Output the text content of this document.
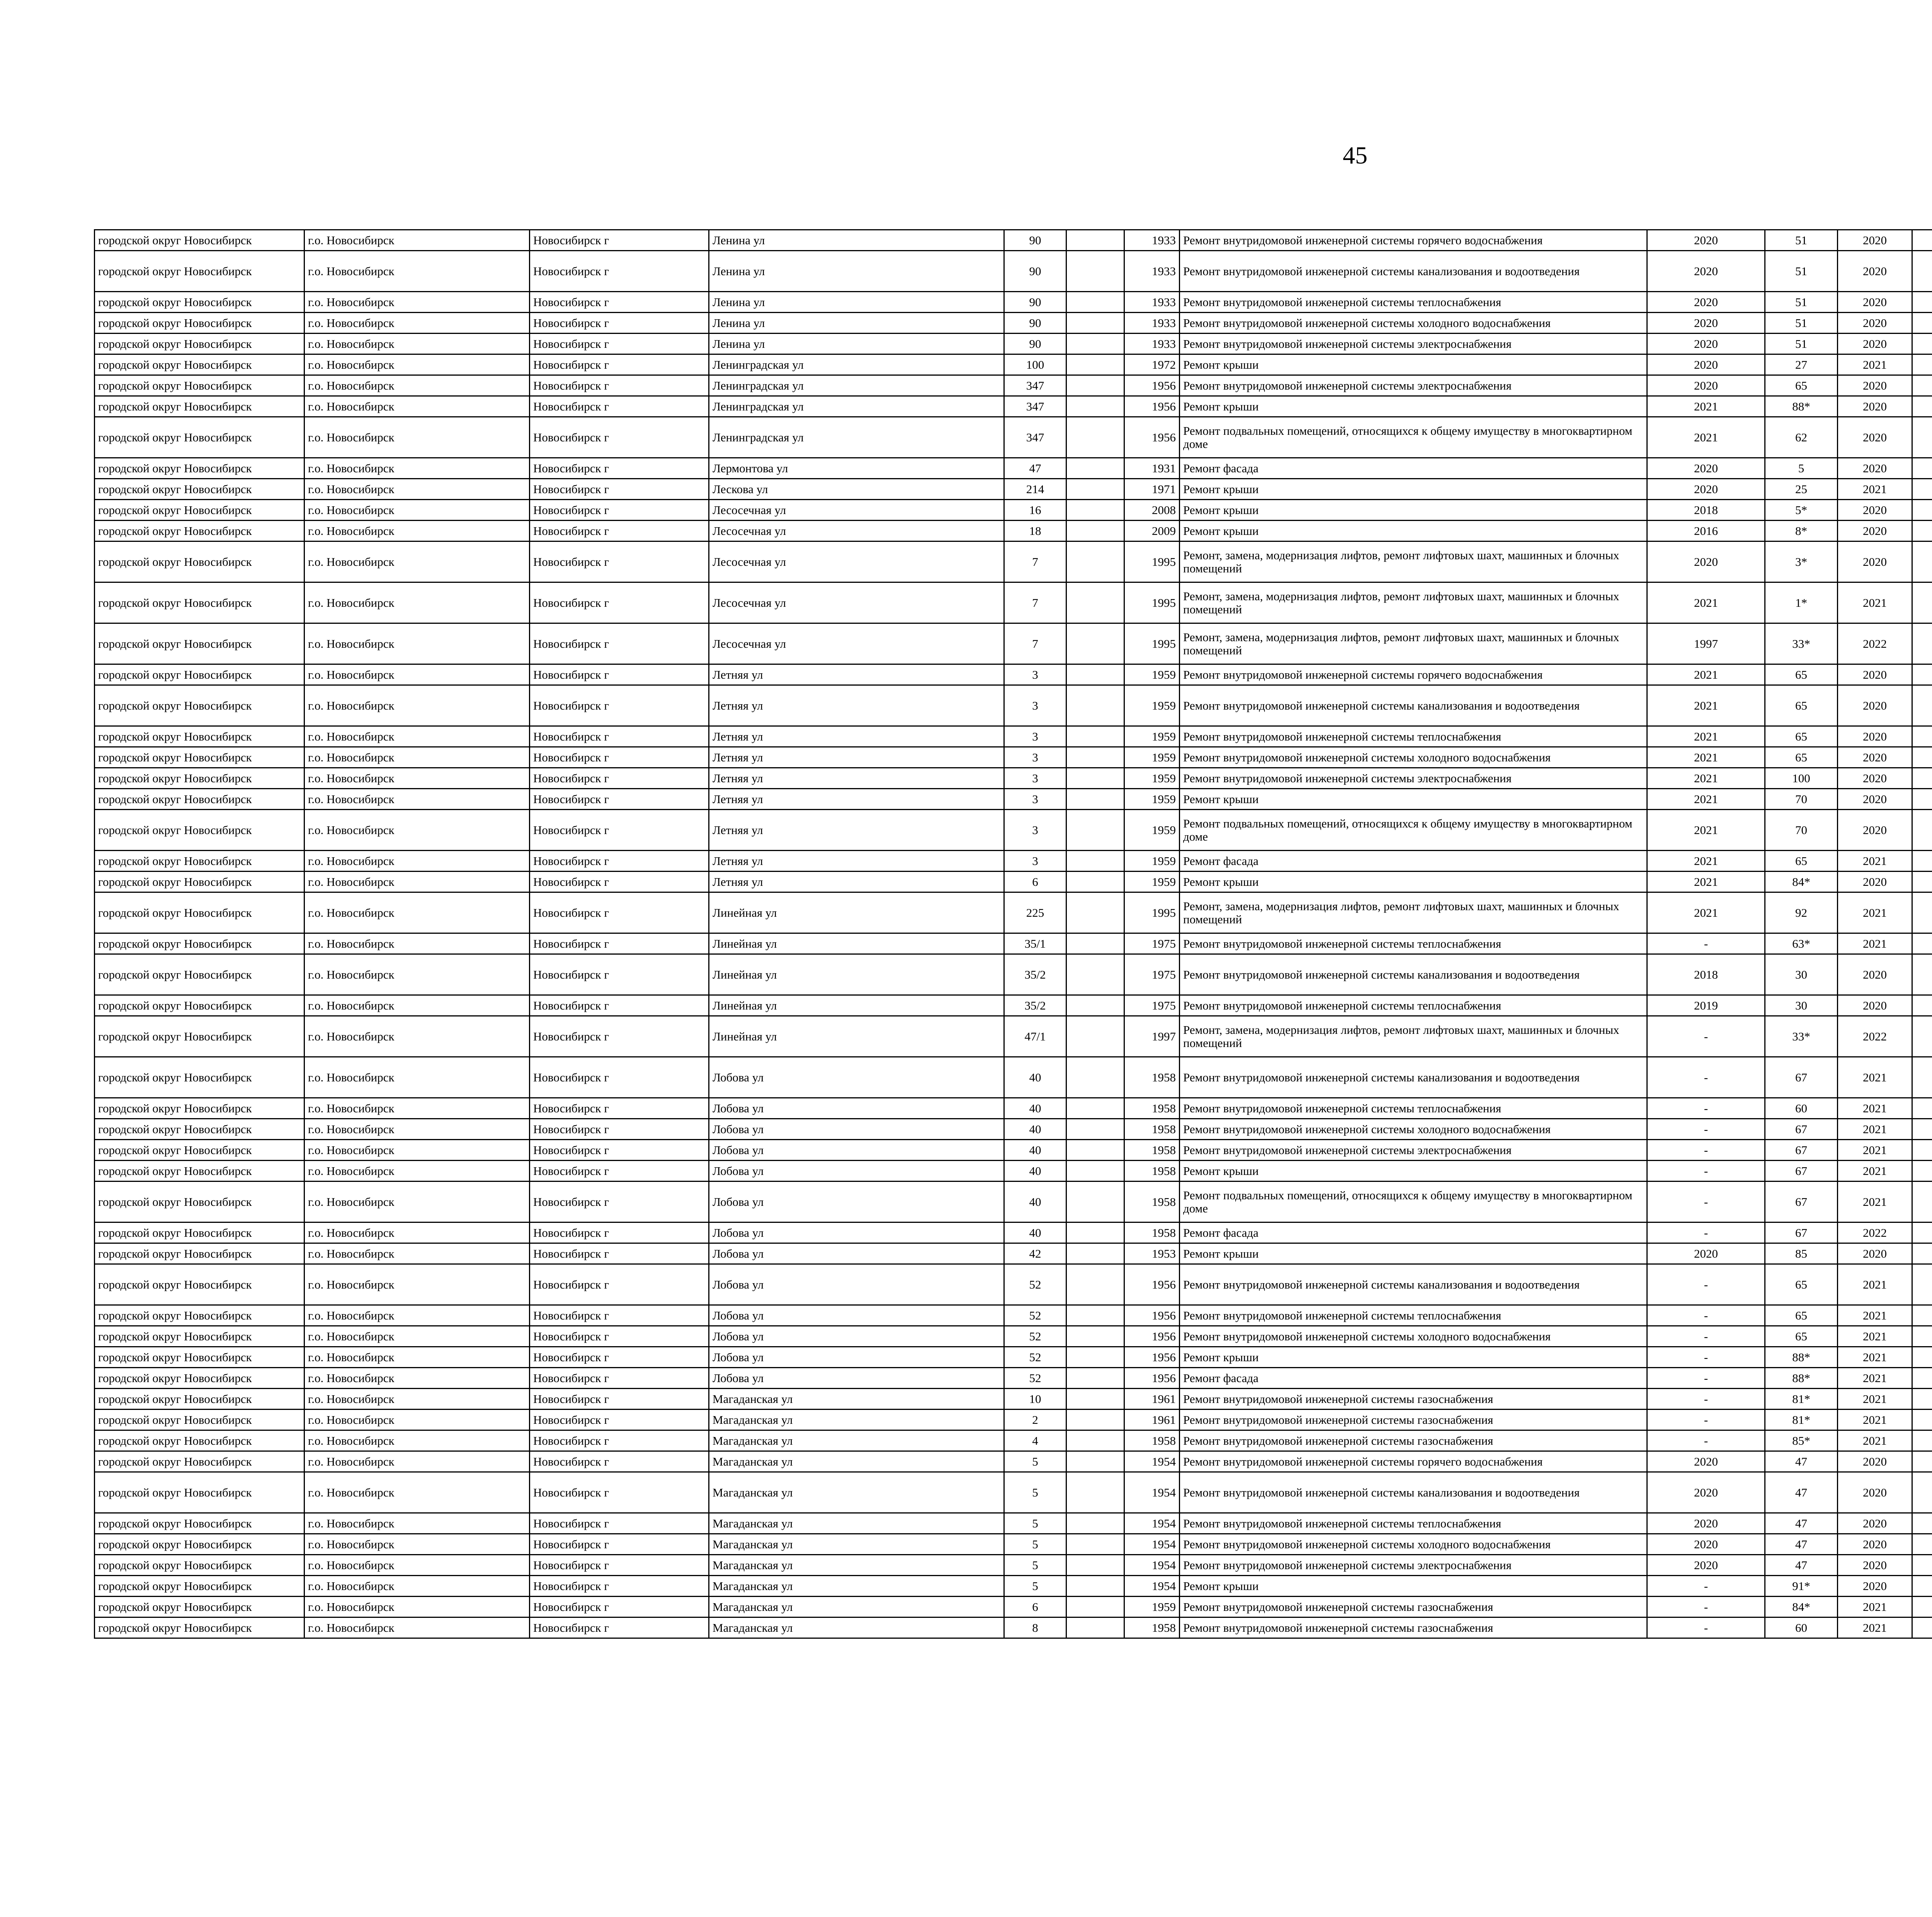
45
городской округ Новосибирск	г.о. Новосибирск	Новосибирск г	Ленина ул	90		1933	Ремонт внутридомовой инженерной системы горячего водоснабжения	2020	51	2020						
городской округ Новосибирск	г.о. Новосибирск	Новосибирск г	Ленина ул	90		1933	Ремонт внутридомовой инженерной системы канализования и водоотведения	2020	51	2020						
городской округ Новосибирск	г.о. Новосибирск	Новосибирск г	Ленина ул	90		1933	Ремонт внутридомовой инженерной системы теплоснабжения	2020	51	2020						
городской округ Новосибирск	г.о. Новосибирск	Новосибирск г	Ленина ул	90		1933	Ремонт внутридомовой инженерной системы холодного водоснабжения	2020	51	2020						
городской округ Новосибирск	г.о. Новосибирск	Новосибирск г	Ленина ул	90		1933	Ремонт внутридомовой инженерной системы электроснабжения	2020	51	2020						
городской округ Новосибирск	г.о. Новосибирск	Новосибирск г	Ленинградская ул	100		1972	Ремонт крыши	2020	27	2021						
городской округ Новосибирск	г.о. Новосибирск	Новосибирск г	Ленинградская ул	347		1956	Ремонт внутридомовой инженерной системы электроснабжения	2020	65	2020						
городской округ Новосибирск	г.о. Новосибирск	Новосибирск г	Ленинградская ул	347		1956	Ремонт крыши	2021	88*	2020						
городской округ Новосибирск	г.о. Новосибирск	Новосибирск г	Ленинградская ул	347		1956	Ремонт подвальных помещений, относящихся к общему имуществу в многоквартирном доме	2021	62	2020						
городской округ Новосибирск	г.о. Новосибирск	Новосибирск г	Лермонтова ул	47		1931	Ремонт фасада	2020	5	2020						
городской округ Новосибирск	г.о. Новосибирск	Новосибирск г	Лескова ул	214		1971	Ремонт крыши	2020	25	2021						
городской округ Новосибирск	г.о. Новосибирск	Новосибирск г	Лесосечная ул	16		2008	Ремонт крыши	2018	5*	2020						
городской округ Новосибирск	г.о. Новосибирск	Новосибирск г	Лесосечная ул	18		2009	Ремонт крыши	2016	8*	2020						
городской округ Новосибирск	г.о. Новосибирск	Новосибирск г	Лесосечная ул	7		1995	Ремонт, замена, модернизация лифтов, ремонт лифтовых шахт, машинных и блочных помещений	2020	3*	2020						
городской округ Новосибирск	г.о. Новосибирск	Новосибирск г	Лесосечная ул	7		1995	Ремонт, замена, модернизация лифтов, ремонт лифтовых шахт, машинных и блочных помещений	2021	1*	2021						
городской округ Новосибирск	г.о. Новосибирск	Новосибирск г	Лесосечная ул	7		1995	Ремонт, замена, модернизация лифтов, ремонт лифтовых шахт, машинных и блочных помещений	1997	33*	2022						
городской округ Новосибирск	г.о. Новосибирск	Новосибирск г	Летняя ул	3		1959	Ремонт внутридомовой инженерной системы горячего водоснабжения	2021	65	2020						
городской округ Новосибирск	г.о. Новосибирск	Новосибирск г	Летняя ул	3		1959	Ремонт внутридомовой инженерной системы канализования и водоотведения	2021	65	2020						
городской округ Новосибирск	г.о. Новосибирск	Новосибирск г	Летняя ул	3		1959	Ремонт внутридомовой инженерной системы теплоснабжения	2021	65	2020						
городской округ Новосибирск	г.о. Новосибирск	Новосибирск г	Летняя ул	3		1959	Ремонт внутридомовой инженерной системы холодного водоснабжения	2021	65	2020						
городской округ Новосибирск	г.о. Новосибирск	Новосибирск г	Летняя ул	3		1959	Ремонт внутридомовой инженерной системы электроснабжения	2021	100	2020						
городской округ Новосибирск	г.о. Новосибирск	Новосибирск г	Летняя ул	3		1959	Ремонт крыши	2021	70	2020						
городской округ Новосибирск	г.о. Новосибирск	Новосибирск г	Летняя ул	3		1959	Ремонт подвальных помещений, относящихся к общему имуществу в многоквартирном доме	2021	70	2020						
городской округ Новосибирск	г.о. Новосибирск	Новосибирск г	Летняя ул	3		1959	Ремонт фасада	2021	65	2021						
городской округ Новосибирск	г.о. Новосибирск	Новосибирск г	Летняя ул	6		1959	Ремонт крыши	2021	84*	2020						
городской округ Новосибирск	г.о. Новосибирск	Новосибирск г	Линейная ул	225		1995	Ремонт, замена, модернизация лифтов, ремонт лифтовых шахт, машинных и блочных помещений	2021	92	2021						
городской округ Новосибирск	г.о. Новосибирск	Новосибирск г	Линейная ул	35/1		1975	Ремонт внутридомовой инженерной системы теплоснабжения	-	63*	2021						
городской округ Новосибирск	г.о. Новосибирск	Новосибирск г	Линейная ул	35/2		1975	Ремонт внутридомовой инженерной системы канализования и водоотведения	2018	30	2020						
городской округ Новосибирск	г.о. Новосибирск	Новосибирск г	Линейная ул	35/2		1975	Ремонт внутридомовой инженерной системы теплоснабжения	2019	30	2020						
городской округ Новосибирск	г.о. Новосибирск	Новосибирск г	Линейная ул	47/1		1997	Ремонт, замена, модернизация лифтов, ремонт лифтовых шахт, машинных и блочных помещений	-	33*	2022						
городской округ Новосибирск	г.о. Новосибирск	Новосибирск г	Лобова ул	40		1958	Ремонт внутридомовой инженерной системы канализования и водоотведения	-	67	2021						
городской округ Новосибирск	г.о. Новосибирск	Новосибирск г	Лобова ул	40		1958	Ремонт внутридомовой инженерной системы теплоснабжения	-	60	2021						
городской округ Новосибирск	г.о. Новосибирск	Новосибирск г	Лобова ул	40		1958	Ремонт внутридомовой инженерной системы холодного водоснабжения	-	67	2021						
городской округ Новосибирск	г.о. Новосибирск	Новосибирск г	Лобова ул	40		1958	Ремонт внутридомовой инженерной системы электроснабжения	-	67	2021						
городской округ Новосибирск	г.о. Новосибирск	Новосибирск г	Лобова ул	40		1958	Ремонт крыши	-	67	2021						
городской округ Новосибирск	г.о. Новосибирск	Новосибирск г	Лобова ул	40		1958	Ремонт подвальных помещений, относящихся к общему имуществу в многоквартирном доме	-	67	2021						
городской округ Новосибирск	г.о. Новосибирск	Новосибирск г	Лобова ул	40		1958	Ремонт фасада	-	67	2022						
городской округ Новосибирск	г.о. Новосибирск	Новосибирск г	Лобова ул	42		1953	Ремонт крыши	2020	85	2020						
городской округ Новосибирск	г.о. Новосибирск	Новосибирск г	Лобова ул	52		1956	Ремонт внутридомовой инженерной системы канализования и водоотведения	-	65	2021						
городской округ Новосибирск	г.о. Новосибирск	Новосибирск г	Лобова ул	52		1956	Ремонт внутридомовой инженерной системы теплоснабжения	-	65	2021						
городской округ Новосибирск	г.о. Новосибирск	Новосибирск г	Лобова ул	52		1956	Ремонт внутридомовой инженерной системы холодного водоснабжения	-	65	2021						
городской округ Новосибирск	г.о. Новосибирск	Новосибирск г	Лобова ул	52		1956	Ремонт крыши	-	88*	2021						
городской округ Новосибирск	г.о. Новосибирск	Новосибирск г	Лобова ул	52		1956	Ремонт фасада	-	88*	2021						
городской округ Новосибирск	г.о. Новосибирск	Новосибирск г	Магаданская ул	10		1961	Ремонт внутридомовой инженерной системы газоснабжения	-	81*	2021						
городской округ Новосибирск	г.о. Новосибирск	Новосибирск г	Магаданская ул	2		1961	Ремонт внутридомовой инженерной системы газоснабжения	-	81*	2021						
городской округ Новосибирск	г.о. Новосибирск	Новосибирск г	Магаданская ул	4		1958	Ремонт внутридомовой инженерной системы газоснабжения	-	85*	2021						
городской округ Новосибирск	г.о. Новосибирск	Новосибирск г	Магаданская ул	5		1954	Ремонт внутридомовой инженерной системы горячего водоснабжения	2020	47	2020						
городской округ Новосибирск	г.о. Новосибирск	Новосибирск г	Магаданская ул	5		1954	Ремонт внутридомовой инженерной системы канализования и водоотведения	2020	47	2020						
городской округ Новосибирск	г.о. Новосибирск	Новосибирск г	Магаданская ул	5		1954	Ремонт внутридомовой инженерной системы теплоснабжения	2020	47	2020						
городской округ Новосибирск	г.о. Новосибирск	Новосибирск г	Магаданская ул	5		1954	Ремонт внутридомовой инженерной системы холодного водоснабжения	2020	47	2020						
городской округ Новосибирск	г.о. Новосибирск	Новосибирск г	Магаданская ул	5		1954	Ремонт внутридомовой инженерной системы электроснабжения	2020	47	2020						
городской округ Новосибирск	г.о. Новосибирск	Новосибирск г	Магаданская ул	5		1954	Ремонт крыши	-	91*	2020						
городской округ Новосибирск	г.о. Новосибирск	Новосибирск г	Магаданская ул	6		1959	Ремонт внутридомовой инженерной системы газоснабжения	-	84*	2021						
городской округ Новосибирск	г.о. Новосибирск	Новосибирск г	Магаданская ул	8		1958	Ремонт внутридомовой инженерной системы газоснабжения	-	60	2021						
